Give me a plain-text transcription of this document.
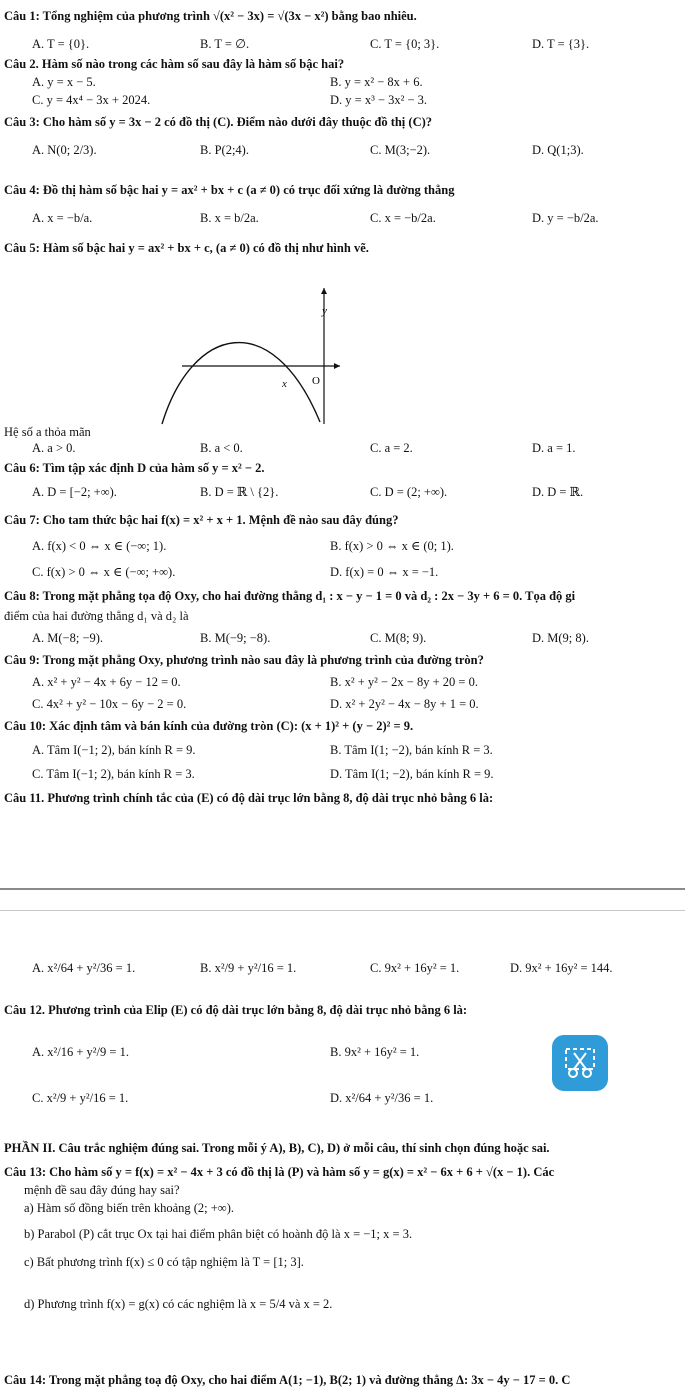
Câu 1: Tổng nghiệm của phương trình √(x² − 3x) = √(3x − x²) bằng bao nhiêu.
A. T = {0}.	B. T = ∅.	C. T = {0; 3}.	D. T = {3}.
Câu 2. Hàm số nào trong các hàm số sau đây là hàm số bậc hai?
A. y = x − 5.	B. y = x² − 8x + 6.
C. y = 4x⁴ − 3x + 2024.	D. y = x³ − 3x² − 3.
Câu 3: Cho hàm số y = 3x − 2 có đồ thị (C). Điểm nào dưới đây thuộc đồ thị (C)?
A. N(0; 2/3).	B. P(2;4).	C. M(3;−2).	D. Q(1;3).
Câu 4: Đồ thị hàm số bậc hai y = ax² + bx + c (a ≠ 0) có trục đối xứng là đường thẳng
A. x = −b/a.	B. x = b/2a.	C. x = −b/2a.	D. y = −b/2a.
Câu 5: Hàm số bậc hai y = ax² + bx + c, (a ≠ 0) có đồ thị như hình vẽ.
y
O
x
Hệ số a thỏa mãn
A. a > 0.	B. a < 0.	C. a = 2.	D. a = 1.
Câu 6: Tìm tập xác định D của hàm số y = x² − 2.
A. D = [−2; +∞).	B. D = ℝ \ {2}.	C. D = (2; +∞).	D. D = ℝ.
Câu 7: Cho tam thức bậc hai f(x) = x² + x + 1. Mệnh đề nào sau đây đúng?
A. f(x) < 0 ⇔ x ∈ (−∞; 1).	B. f(x) > 0 ⇔ x ∈ (0; 1).
C. f(x) > 0 ⇔ x ∈ (−∞; +∞).	D. f(x) = 0 ⇔ x = −1.
Câu 8: Trong mặt phẳng tọa độ Oxy, cho hai đường thẳng d₁ : x − y − 1 = 0 và d₂ : 2x − 3y + 6 = 0. Tọa độ gi
điểm của hai đường thẳng d₁ và d₂ là
A. M(−8; −9).	B. M(−9; −8).	C. M(8; 9).	D. M(9; 8).
Câu 9: Trong mặt phẳng Oxy, phương trình nào sau đây là phương trình của đường tròn?
A. x² + y² − 4x + 6y − 12 = 0.	B. x² + y² − 2x − 8y + 20 = 0.
C. 4x² + y² − 10x − 6y − 2 = 0.	D. x² + 2y² − 4x − 8y + 1 = 0.
Câu 10: Xác định tâm và bán kính của đường tròn (C): (x + 1)² + (y − 2)² = 9.
A. Tâm I(−1; 2), bán kính R = 9.	B. Tâm I(1; −2), bán kính R = 3.
C. Tâm I(−1; 2), bán kính R = 3.	D. Tâm I(1; −2), bán kính R = 9.
Câu 11. Phương trình chính tắc của (E) có độ dài trục lớn bằng 8, độ dài trục nhỏ bằng 6 là:
A. x²/64 + y²/36 = 1.	B. x²/9 + y²/16 = 1.	C. 9x² + 16y² = 1.	D. 9x² + 16y² = 144.
Câu 12. Phương trình của Elip (E) có độ dài trục lớn bằng 8, độ dài trục nhỏ bằng 6 là:
A. x²/16 + y²/9 = 1.	B. 9x² + 16y² = 1.
C. x²/9 + y²/16 = 1.	D. x²/64 + y²/36 = 1.
PHẦN II. Câu trắc nghiệm đúng sai. Trong mỗi ý A), B), C), D) ở mỗi câu, thí sinh chọn đúng hoặc sai.
Câu 13: Cho hàm số y = f(x) = x² − 4x + 3 có đồ thị là (P) và hàm số y = g(x) = x² − 6x + 6 + √(x − 1). Các
mệnh đề sau đây đúng hay sai?
a) Hàm số đồng biến trên khoảng (2; +∞).
b) Parabol (P) cắt trục Ox tại hai điểm phân biệt có hoành độ là x = −1; x = 3.
c) Bất phương trình f(x) ≤ 0 có tập nghiệm là T = [1; 3].
d) Phương trình f(x) = g(x) có các nghiệm là x = 5/4 và x = 2.
Câu 14: Trong mặt phẳng toạ độ Oxy, cho hai điểm A(1; −1), B(2; 1) và đường thẳng Δ: 3x − 4y − 17 = 0. C
